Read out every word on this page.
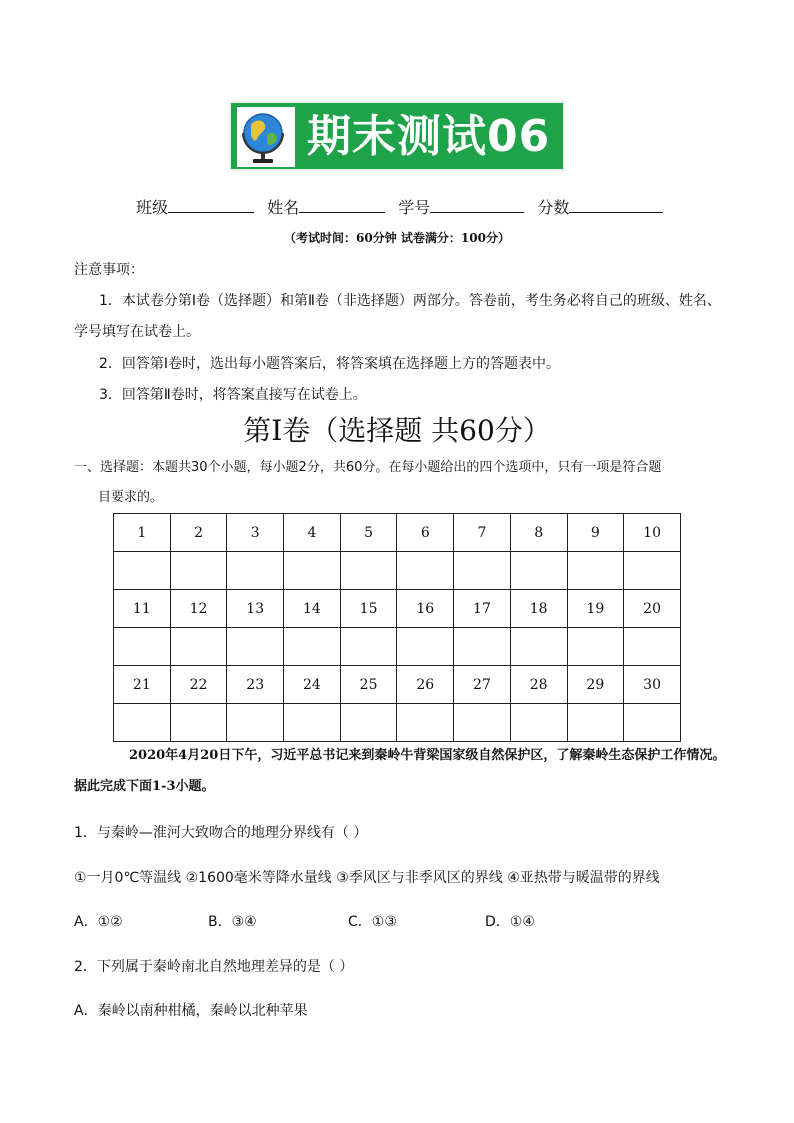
期末测试06
班级	姓名	学号	分数
（考试时间：60分钟 试卷满分：100分）
注意事项：
1．本试卷分第Ⅰ卷（选择题）和第Ⅱ卷（非选择题）两部分。答卷前，考生务必将自己的班级、姓名、
学号填写在试卷上。
2．回答第Ⅰ卷时，选出每小题答案后，将答案填在选择题上方的答题表中。
3．回答第Ⅱ卷时，将答案直接写在试卷上。
第Ⅰ卷（选择题 共60分）
一、选择题：本题共30个小题，每小题2分，共60分。在每小题给出的四个选项中，只有一项是符合题
目要求的。
1	2	3	4	5	6	7	8	9	10

11	12	13	14	15	16	17	18	19	20

21	22	23	24	25	26	27	28	29	30

2020年4月20日下午，习近平总书记来到秦岭牛背梁国家级自然保护区，了解秦岭生态保护工作情况。
据此完成下面1-3小题。
1．与秦岭—淮河大致吻合的地理分界线有（ ）
①一月0℃等温线 ②1600毫米等降水量线 ③季风区与非季风区的界线 ④亚热带与暖温带的界线
A．①②	B．③④	C．①③	D．①④
2．下列属于秦岭南北自然地理差异的是（ ）
A．秦岭以南种柑橘，秦岭以北种苹果
